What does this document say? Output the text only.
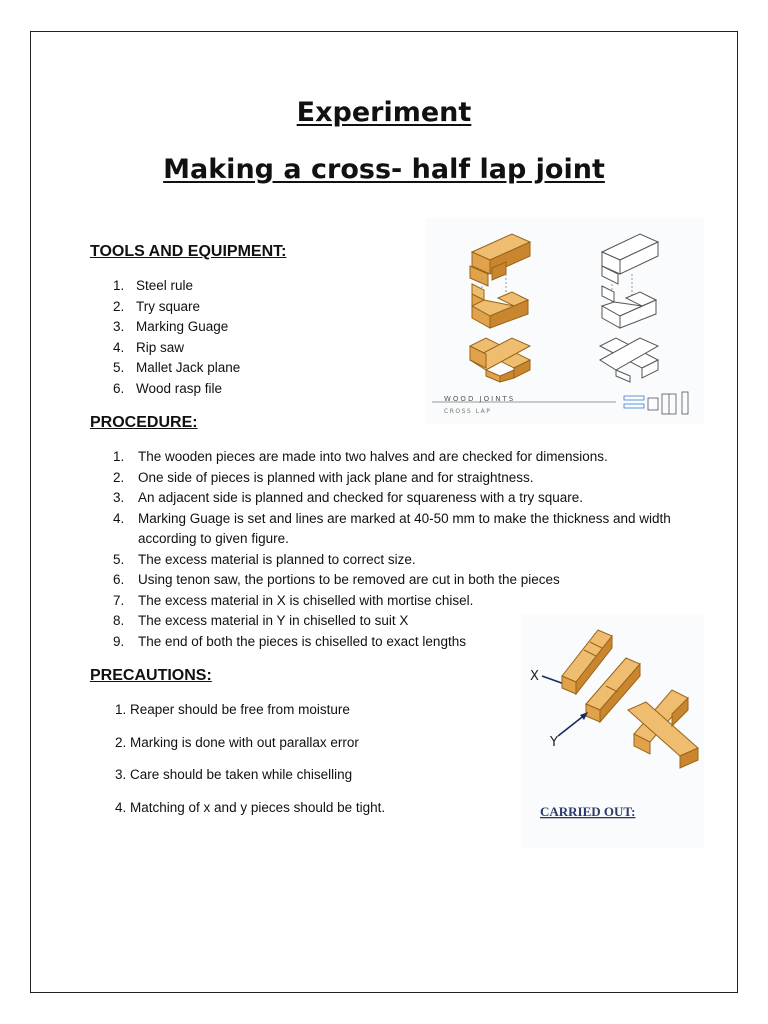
Experiment
Making a cross- half lap joint
TOOLS AND EQUIPMENT:
1. Steel rule
2. Try square
3. Marking Guage
4. Rip saw
5. Mallet Jack plane
6. Wood rasp file
WOOD JOINTS
CROSS LAP
PROCEDURE:
1. The wooden pieces are made into two halves and are checked for dimensions.
2. One side of pieces is planned with jack plane and for straightness.
3. An adjacent side is planned and checked for squareness with a try square.
4. Marking Guage is set and lines are marked at 40-50 mm to make the thickness and width according to given figure.
5. The excess material is planned to correct size.
6. Using tenon saw, the portions to be removed are cut in both the pieces
7. The excess material in X is chiselled with mortise chisel.
8. The excess material in Y in chiselled to suit X
9. The end of both the pieces is chiselled to exact lengths
PRECAUTIONS:
1. Reaper should be free from moisture
2. Marking is done with out parallax error
3. Care should be taken while chiselling
4. Matching of x and y pieces should be tight.
X
Y
CARRIED OUT:
